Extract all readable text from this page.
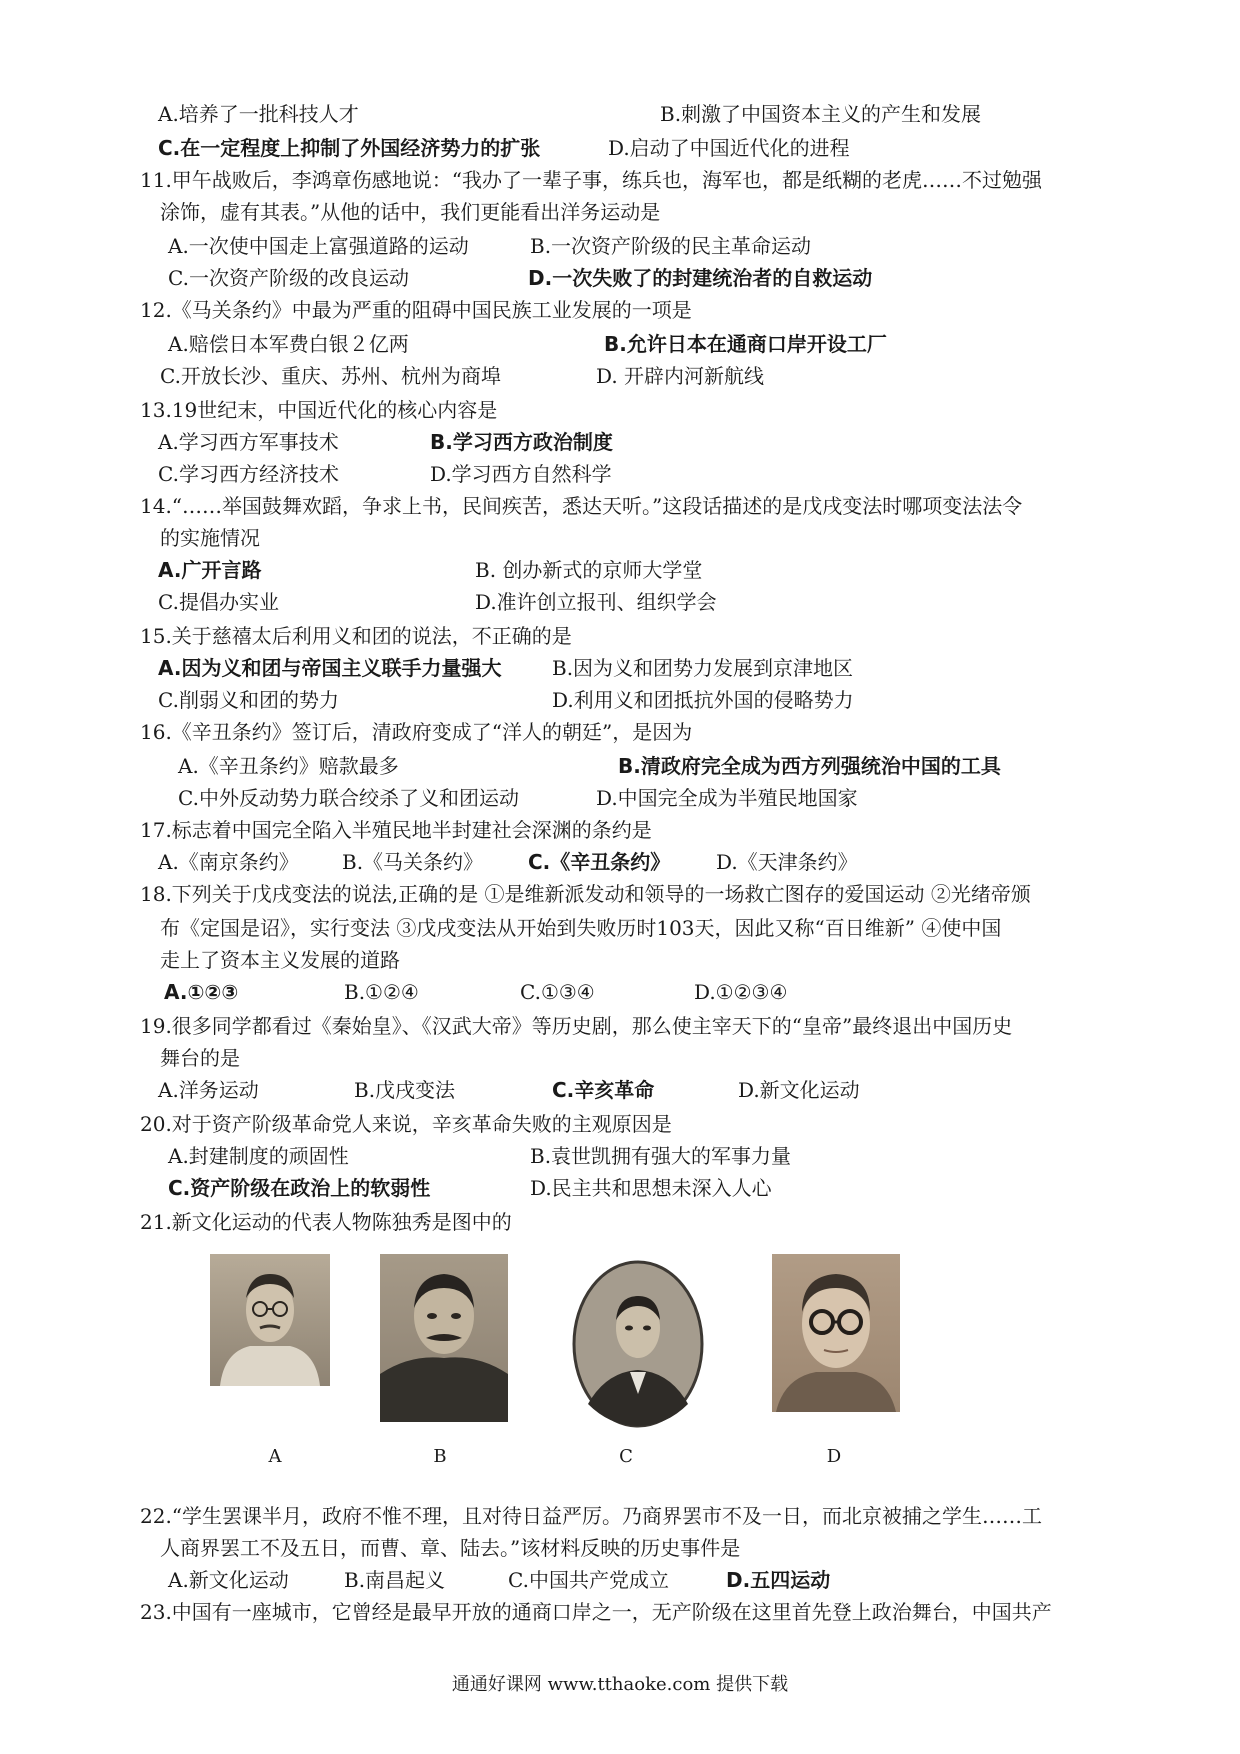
A.培养了一批科技人才	B.刺激了中国资本主义的产生和发展
C.在一定程度上抑制了外国经济势力的扩张	D.启动了中国近代化的进程
11.甲午战败后，李鸿章伤感地说：“我办了一辈子事，练兵也，海军也，都是纸糊的老虎……不过勉强
涂饰，虚有其表。”从他的话中，我们更能看出洋务运动是
A.一次使中国走上富强道路的运动	B.一次资产阶级的民主革命运动
C.一次资产阶级的改良运动	D.一次失败了的封建统治者的自救运动
12.《马关条约》中最为严重的阻碍中国民族工业发展的一项是
A.赔偿日本军费白银２亿两	B.允许日本在通商口岸开设工厂
C.开放长沙、重庆、苏州、杭州为商埠	D. 开辟内河新航线
13.19世纪末，中国近代化的核心内容是
A.学习西方军事技术	B.学习西方政治制度
C.学习西方经济技术	D.学习西方自然科学
14.“……举国鼓舞欢蹈，争求上书，民间疾苦，悉达天听。”这段话描述的是戊戌变法时哪项变法法令
的实施情况
A.广开言路	B. 创办新式的京师大学堂
C.提倡办实业	D.准许创立报刊、组织学会
15.关于慈禧太后利用义和团的说法，不正确的是
A.因为义和团与帝国主义联手力量强大	B.因为义和团势力发展到京津地区
C.削弱义和团的势力	D.利用义和团抵抗外国的侵略势力
16.《辛丑条约》签订后，清政府变成了“洋人的朝廷”，是因为
A.《辛丑条约》赔款最多	B.清政府完全成为西方列强统治中国的工具
C.中外反动势力联合绞杀了义和团运动	D.中国完全成为半殖民地国家
17.标志着中国完全陷入半殖民地半封建社会深渊的条约是
A.《南京条约》 B.《马关条约》 C.《辛丑条约》 D.《天津条约》
18.下列关于戊戌变法的说法,正确的是 ①是维新派发动和领导的一场救亡图存的爱国运动 ②光绪帝颁
布《定国是诏》，实行变法 ③戊戌变法从开始到失败历时103天，因此又称“百日维新” ④使中国
走上了资本主义发展的道路
A.①②③	B.①②④	C.①③④	D.①②③④
19.很多同学都看过《秦始皇》、《汉武大帝》等历史剧，那么使主宰天下的“皇帝”最终退出中国历史
舞台的是
A.洋务运动	B.戊戌变法	C.辛亥革命	D.新文化运动
20.对于资产阶级革命党人来说，辛亥革命失败的主观原因是
A.封建制度的顽固性	B.袁世凯拥有强大的军事力量
C.资产阶级在政治上的软弱性	D.民主共和思想未深入人心
21.新文化运动的代表人物陈独秀是图中的
A	B	C	D
22.“学生罢课半月，政府不惟不理，且对待日益严厉。乃商界罢市不及一日，而北京被捕之学生……工
人商界罢工不及五日，而曹、章、陆去。”该材料反映的历史事件是
A.新文化运动	B.南昌起义	C.中国共产党成立	D.五四运动
23.中国有一座城市，它曾经是最早开放的通商口岸之一，无产阶级在这里首先登上政治舞台，中国共产
通通好课网 www.tthaoke.com 提供下载
